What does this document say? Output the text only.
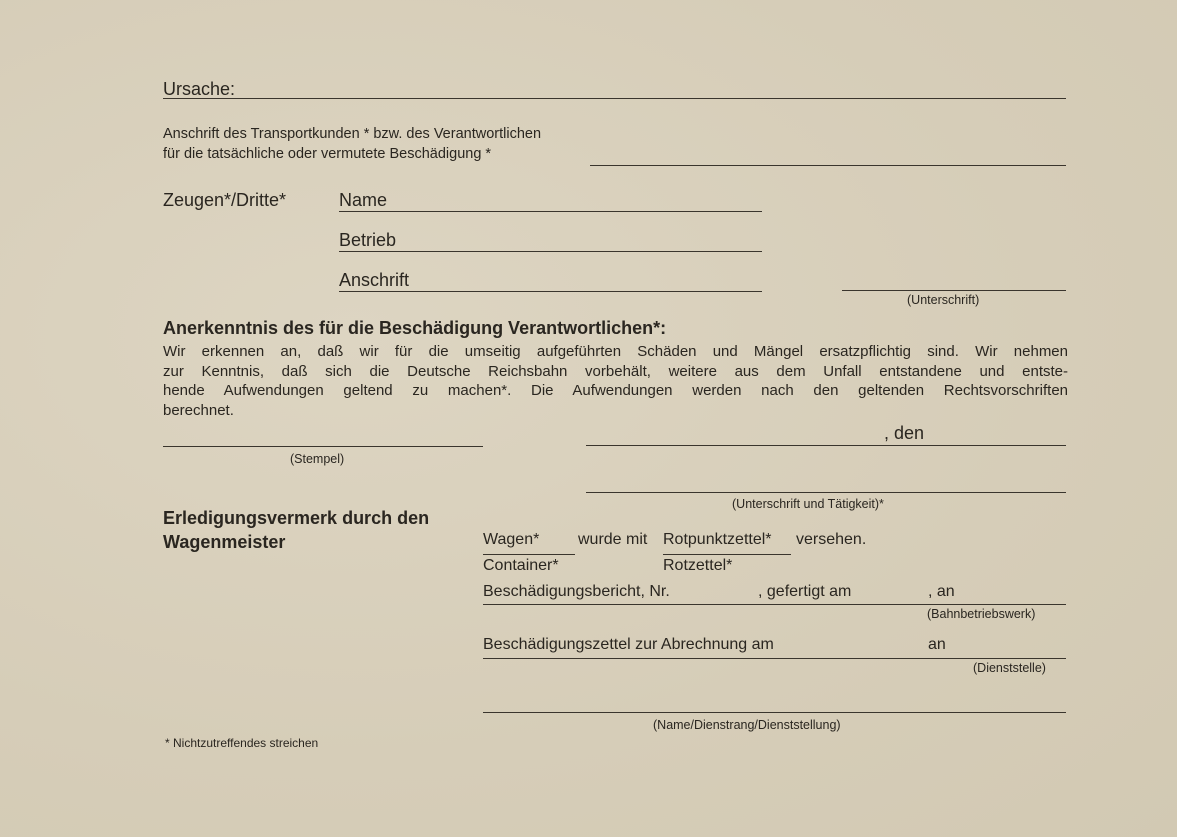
Ursache:
Anschrift des Transportkunden * bzw. des Verantwortlichen
für die tatsächliche oder vermutete Beschädigung *
Zeugen*/Dritte*	Name
Betrieb
Anschrift
(Unterschrift)
Anerkenntnis des für die Beschädigung Verantwortlichen*:
Wir erkennen an, daß wir für die umseitig aufgeführten Schäden und Mängel ersatzpflichtig sind. Wir nehmen
zur Kenntnis, daß sich die Deutsche Reichsbahn vorbehält, weitere aus dem Unfall entstandene und entste-
hende Aufwendungen geltend zu machen*. Die Aufwendungen werden nach den geltenden Rechtsvorschriften
berechnet.
(Stempel)
, den
(Unterschrift und Tätigkeit)*
Erledigungsvermerk durch den
Wagenmeister	Wagen* wurde mit Rotpunktzettel* versehen.
Container*	Rotzettel*
Beschädigungsbericht, Nr.	, gefertigt am	, an
(Bahnbetriebswerk)
Beschädigungszettel zur Abrechnung am	an
(Dienststelle)
(Name/Dienstrang/Dienststellung)
* Nichtzutreffendes streichen
